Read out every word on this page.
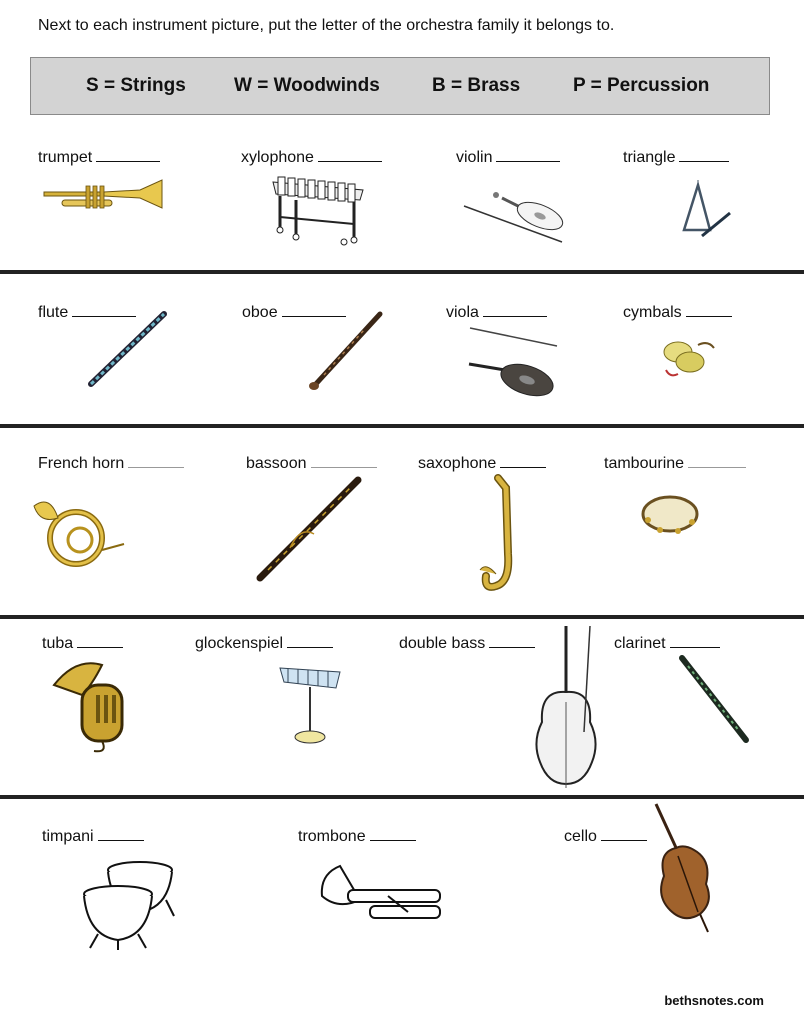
Next to each instrument picture, put the letter of the orchestra family it belongs to.
S = Strings	W = Woodwinds	B = Brass	P = Percussion
trumpet	xylophone	violin	triangle
flute	oboe	viola	cymbals
French horn	bassoon	saxophone	tambourine
tuba	glockenspiel	double bass	clarinet
timpani	trombone	cello
bethsnotes.com
